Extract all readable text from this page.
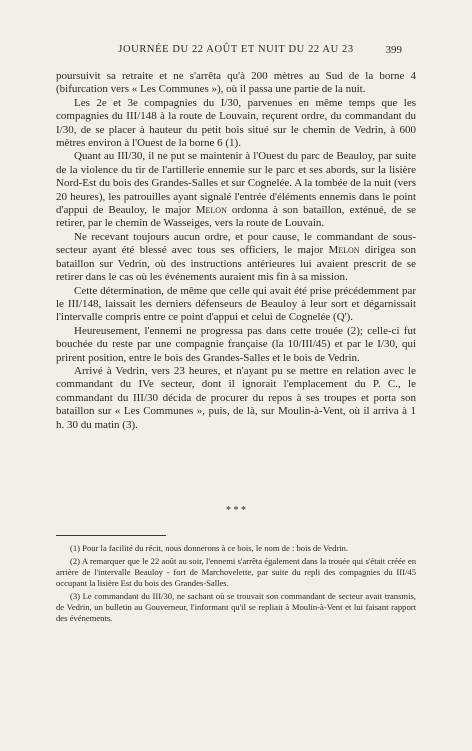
JOURNÉE DU 22 AOÛT ET NUIT DU 22 AU 23	399

poursuivit sa retraite et ne s'arrêta qu'à 200 mètres au Sud de la borne 4 (bifurcation vers « Les Communes »), où il passa une partie de la nuit.

Les 2e et 3e compagnies du I/30, parvenues en même temps que les compagnies du III/148 à la route de Louvain, reçurent ordre, du commandant du I/30, de se placer à hauteur du petit bois situé sur le chemin de Vedrin, à 600 mètres environ à l'Ouest de la borne 6 (1).

Quant au III/30, il ne put se maintenir à l'Ouest du parc de Beauloy, par suite de la violence du tir de l'artillerie ennemie sur le parc et ses abords, sur la lisière Nord-Est du bois des Grandes-Salles et sur Cognelée. A la tombée de la nuit (vers 20 heures), les patrouilles ayant signalé l'entrée d'éléments ennemis dans le point d'appui de Beauloy, le major Melon ordonna à son bataillon, exténué, de se retirer, par le chemin de Wasseiges, vers la route de Louvain.

Ne recevant toujours aucun ordre, et pour cause, le commandant de sous-secteur ayant été blessé avec tous ses officiers, le major Melon dirigea son bataillon sur Vedrin, où des instructions antérieures lui avaient prescrit de se retirer dans le cas où les événements auraient mis fin à sa mission.

Cette détermination, de même que celle qui avait été prise précédemment par le III/148, laissait les derniers défenseurs de Beauloy à leur sort et dégarnissait l'intervalle compris entre ce point d'appui et celui de Cognelée (Q').

Heureusement, l'ennemi ne progressa pas dans cette trouée (2); celle-ci fut bouchée du reste par une compagnie française (la 10/III/45) et par le I/30, qui prirent position, entre le bois des Grandes-Salles et le bois de Vedrin.

Arrivé à Vedrin, vers 23 heures, et n'ayant pu se mettre en relation avec le commandant du IVe secteur, dont il ignorait l'emplacement du P. C., le commandant du III/30 décida de procurer du repos à ses troupes et porta son bataillon sur « Les Communes », puis, de là, sur Moulin-à-Vent, où il arriva à 1 h. 30 du matin (3).

* * *

(1) Pour la facilité du récit, nous donnerons à ce bois, le nom de : bois de Vedrin.

(2) A remarquer que le 22 août au soir, l'ennemi s'arrêta également dans la trouée qui s'était créée en arrière de l'intervalle Beauloy - fort de Marchovelette, par suite du repli des compagnies du III/45 occupant la lisière Est du bois des Grandes-Salles.

(3) Le commandant du III/30, ne sachant où se trouvait son commandant de secteur avait transmis, de Vedrin, un bulletin au Gouverneur, l'informant qu'il se repliait à Moulin-à-Vent et lui faisant rapport des événements.
